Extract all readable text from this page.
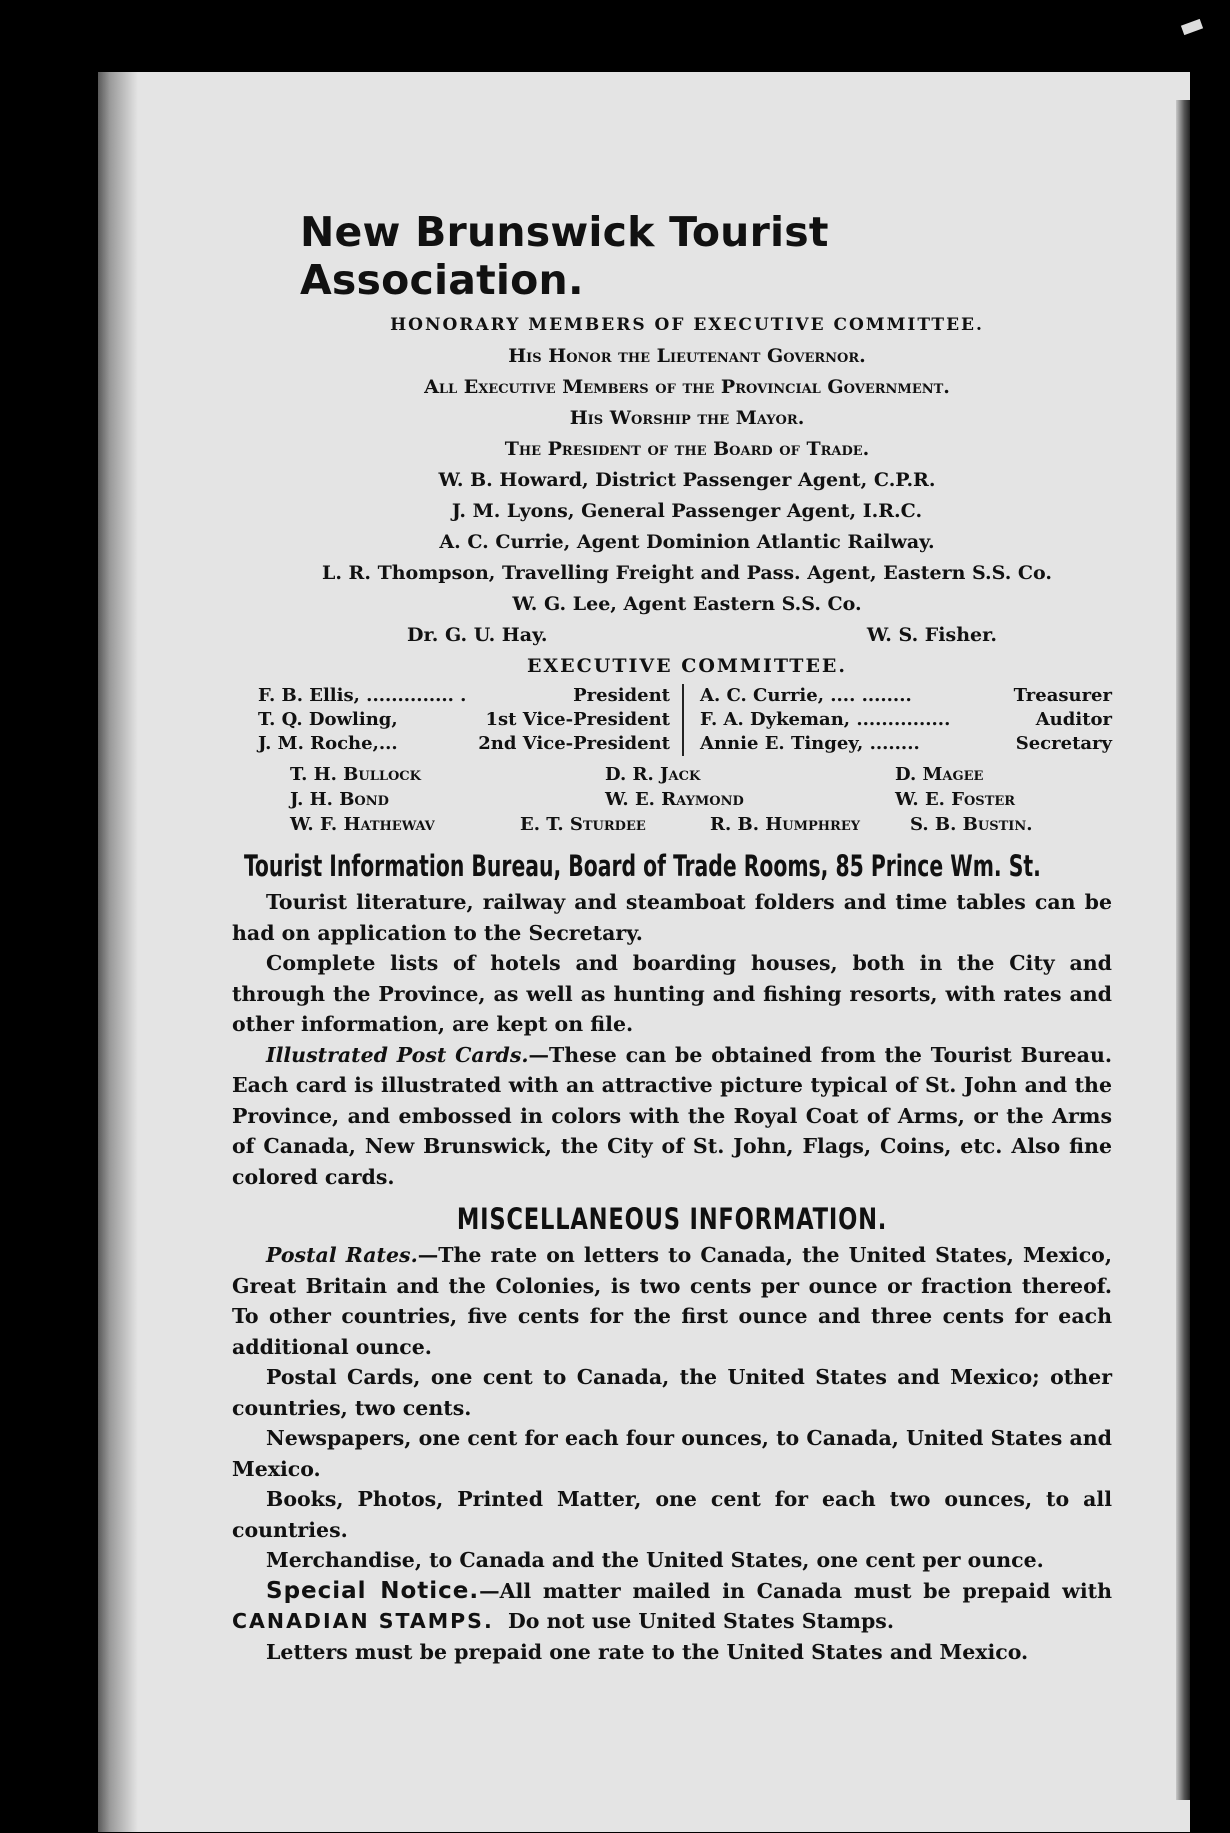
New Brunswick Tourist Association.
HONORARY MEMBERS OF EXECUTIVE COMMITTEE.
His Honor the Lieutenant Governor.
All Executive Members of the Provincial Government.
His Worship the Mayor.
The President of the Board of Trade.
W. B. Howard, District Passenger Agent, C.P.R.
J. M. Lyons, General Passenger Agent, I.R.C.
A. C. Currie, Agent Dominion Atlantic Railway.
L. R. Thompson, Travelling Freight and Pass. Agent, Eastern S.S. Co.
W. G. Lee, Agent Eastern S.S. Co.
Dr. G. U. Hay.	W. S. Fisher.
EXECUTIVE COMMITTEE.
F. B. Ellis, .............. .	President
T. Q. Dowling,	1st Vice-President
J. M. Roche,...	2nd Vice-President
A. C. Currie, .... ........	Treasurer
F. A. Dykeman, ...............	Auditor
Annie E. Tingey, ........	Secretary
T. H. Bullock	D. R. Jack	D. Magee
J. H. Bond	W. E. Raymond	W. E. Foster
W. F. Hathewav	E. T. Sturdee	R. B. Humphrey	S. B. Bustin.
Tourist Information Bureau, Board of Trade Rooms, 85 Prince Wm. St.
Tourist literature, railway and steamboat folders and time tables can be had on application to the Secretary.
Complete lists of hotels and boarding houses, both in the City and through the Province, as well as hunting and fishing resorts, with rates and other information, are kept on file.
Illustrated Post Cards.—These can be obtained from the Tourist Bureau. Each card is illustrated with an attractive picture typical of St. John and the Province, and embossed in colors with the Royal Coat of Arms, or the Arms of Canada, New Brunswick, the City of St. John, Flags, Coins, etc. Also fine colored cards.
MISCELLANEOUS INFORMATION.
Postal Rates.—The rate on letters to Canada, the United States, Mexico, Great Britain and the Colonies, is two cents per ounce or fraction thereof. To other countries, five cents for the first ounce and three cents for each additional ounce.
Postal Cards, one cent to Canada, the United States and Mexico; other countries, two cents.
Newspapers, one cent for each four ounces, to Canada, United States and Mexico.
Books, Photos, Printed Matter, one cent for each two ounces, to all countries.
Merchandise, to Canada and the United States, one cent per ounce.
Special Notice.—All matter mailed in Canada must be prepaid with CANADIAN STAMPS. Do not use United States Stamps.
Letters must be prepaid one rate to the United States and Mexico.
